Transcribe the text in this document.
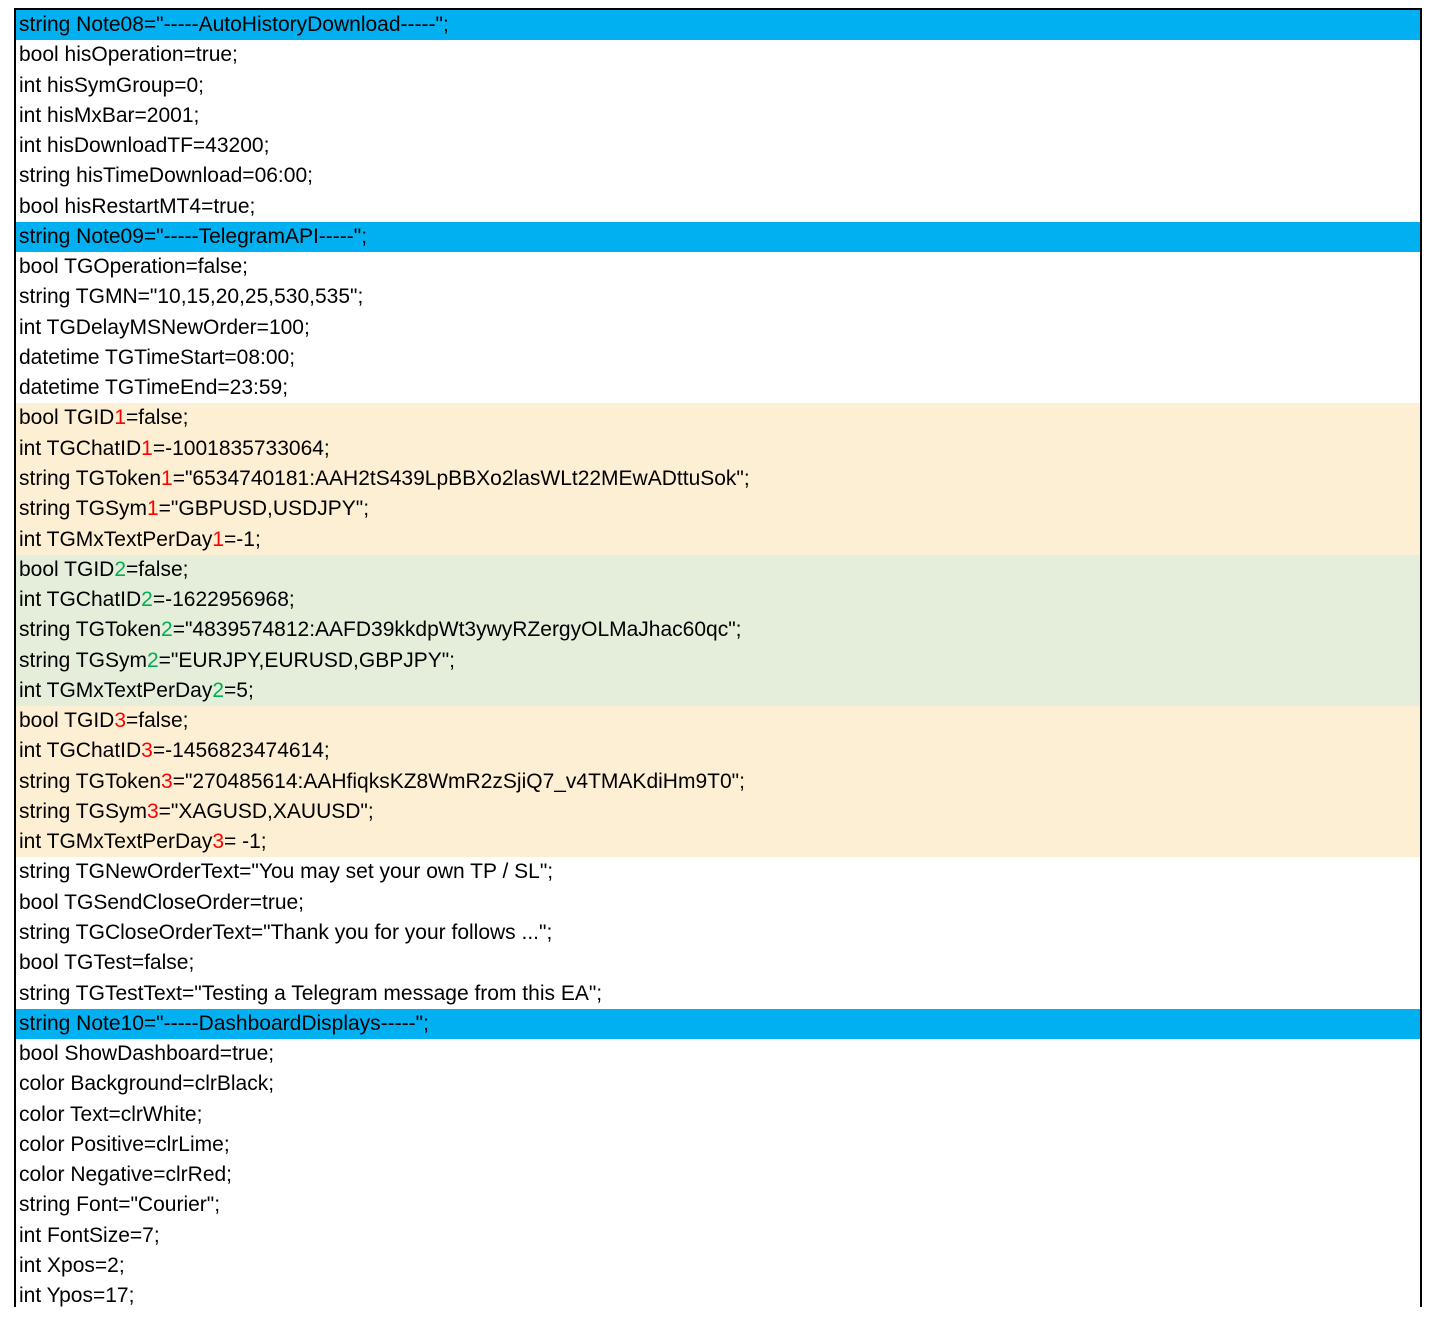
string Note08="-----AutoHistoryDownload-----";
bool hisOperation=true;
int hisSymGroup=0;
int hisMxBar=2001;
int hisDownloadTF=43200;
string hisTimeDownload=06:00;
bool hisRestartMT4=true;
string Note09="-----TelegramAPI-----";
bool TGOperation=false;
string TGMN="10,15,20,25,530,535";
int TGDelayMSNewOrder=100;
datetime TGTimeStart=08:00;
datetime TGTimeEnd=23:59;
bool TGID1=false;
int TGChatID1=-1001835733064;
string TGToken1="6534740181:AAH2tS439LpBBXo2lasWLt22MEwADttuSok";
string TGSym1="GBPUSD,USDJPY";
int TGMxTextPerDay1=-1;
bool TGID2=false;
int TGChatID2=-1622956968;
string TGToken2="4839574812:AAFD39kkdpWt3ywyRZergyOLMaJhac60qc";
string TGSym2="EURJPY,EURUSD,GBPJPY";
int TGMxTextPerDay2=5;
bool TGID3=false;
int TGChatID3=-1456823474614;
string TGToken3="270485614:AAHfiqksKZ8WmR2zSjiQ7_v4TMAKdiHm9T0";
string TGSym3="XAGUSD,XAUUSD";
int TGMxTextPerDay3= -1;
string TGNewOrderText="You may set your own TP / SL";
bool TGSendCloseOrder=true;
string TGCloseOrderText="Thank you for your follows ...";
bool TGTest=false;
string TGTestText="Testing a Telegram message from this EA";
string Note10="-----DashboardDisplays-----";
bool ShowDashboard=true;
color Background=clrBlack;
color Text=clrWhite;
color Positive=clrLime;
color Negative=clrRed;
string Font="Courier";
int FontSize=7;
int Xpos=2;
int Ypos=17;
